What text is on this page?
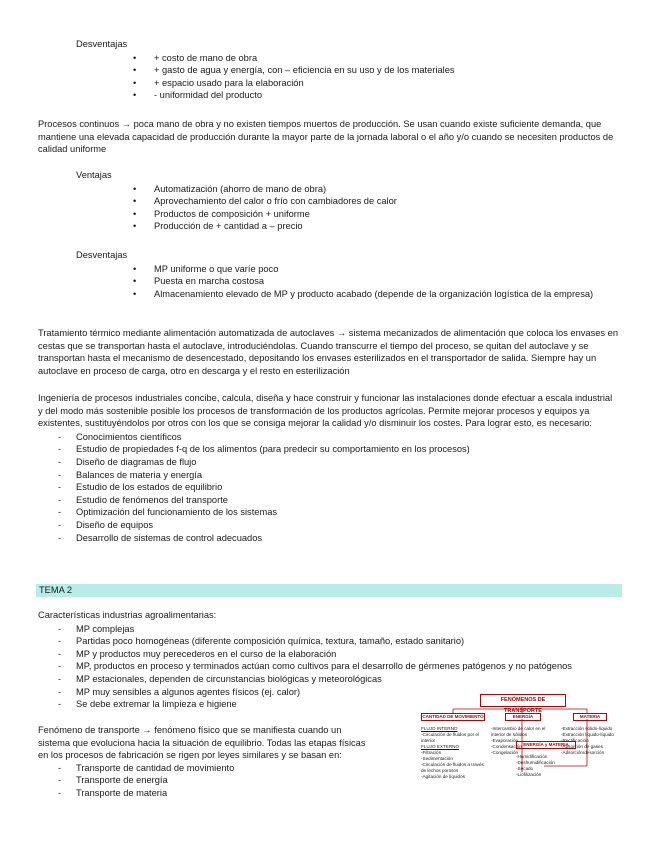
Desventajas
• + costo de mano de obra
• + gasto de agua y energía, con – eficiencia en su uso y de los materiales
• + espacio usado para la elaboración
• - uniformidad del producto

Procesos continuos → poca mano de obra y no existen tiempos muertos de producción. Se usan cuando existe suficiente demanda, que mantiene una elevada capacidad de producción durante la mayor parte de la jornada laboral o el año y/o cuando se necesiten productos de calidad uniforme

Ventajas
• Automatización (ahorro de mano de obra)
• Aprovechamiento del calor o frío con cambiadores de calor
• Productos de composición + uniforme
• Producción de + cantidad a – precio
Desventajas
• MP uniforme o que varíe poco
• Puesta en marcha costosa
• Almacenamiento elevado de MP y producto acabado (depende de la organización logística de la empresa)

Tratamiento térmico mediante alimentación automatizada de autoclaves → sistema mecanizados de alimentación que coloca los envases en cestas que se transportan hasta el autoclave, introduciéndolas. Cuando transcurre el tiempo del proceso, se quitan del autoclave y se transportan hasta el mecanismo de desencestado, depositando los envases esterilizados en el transportador de salida. Siempre hay un autoclave en proceso de carga, otro en descarga y el resto en esterilización

Ingeniería de procesos industriales concibe, calcula, diseña y hace construir y funcionar las instalaciones donde efectuar a escala industrial y del modo más sostenible posible los procesos de transformación de los productos agrícolas. Permite mejorar procesos y equipos ya existentes, sustituyéndolos por otros con los que se consiga mejorar la calidad y/o disminuir los costes. Para lograr esto, es necesario:

- Conocimientos científicos
- Estudio de propiedades f-q de los alimentos (para predecir su comportamiento en los procesos)
- Diseño de diagramas de flujo
- Balances de materia y energía
- Estudio de los estados de equilibrio
- Estudio de fenómenos del transporte
- Optimización del funcionamiento de los sistemas
- Diseño de equipos
- Desarrollo de sistemas de control adecuados
TEMA 2

Características industrias agroalimentarias:

- MP complejas
- Partidas poco homogéneas (diferente composición química, textura, tamaño, estado sanitario)
- MP y productos muy perecederos en el curso de la elaboración
- MP, productos en proceso y terminados actúan como cultivos para el desarrollo de gérmenes patógenos y no patógenos
- MP estacionales, dependen de circunstancias biológicas y meteorológicas
- MP muy sensibles a algunos agentes físicos (ej. calor)
- Se debe extremar la limpieza e higiene

Fenómeno de transporte → fenómeno físico que se manifiesta cuando un sistema que evoluciona hacia la situación de equilibrio. Todas las etapas físicas en los procesos de fabricación se rigen por leyes similares y se basan en:

- Transporte de cantidad de movimiento
- Transporte de energía
- Transporte de materia
FENÓMENOS DE TRANSPORTE
CANTIDAD DE MOVIMIENTO
FLUJO INTERNO
-Circulación de fluidos por el interior
FLUJO EXTERNO
-Filtración
-Sedimentación
-Circulación de fluidos a través de lechos porosos
-Agitación de líquidos
ENERGÍA
-Intercambio de calor en el interior de sólidos
-Evaporación
-Condensación
-Congelación
MATERIA
-Extracción sólido-líquido
-Extracción líquido-líquido
-Rectificación
-Absorción de gases
-Adsorción/desorción
ENERGÍA y MATERIA
-Humidificación
-Deshumidificación
-Secado
-Liofilización
